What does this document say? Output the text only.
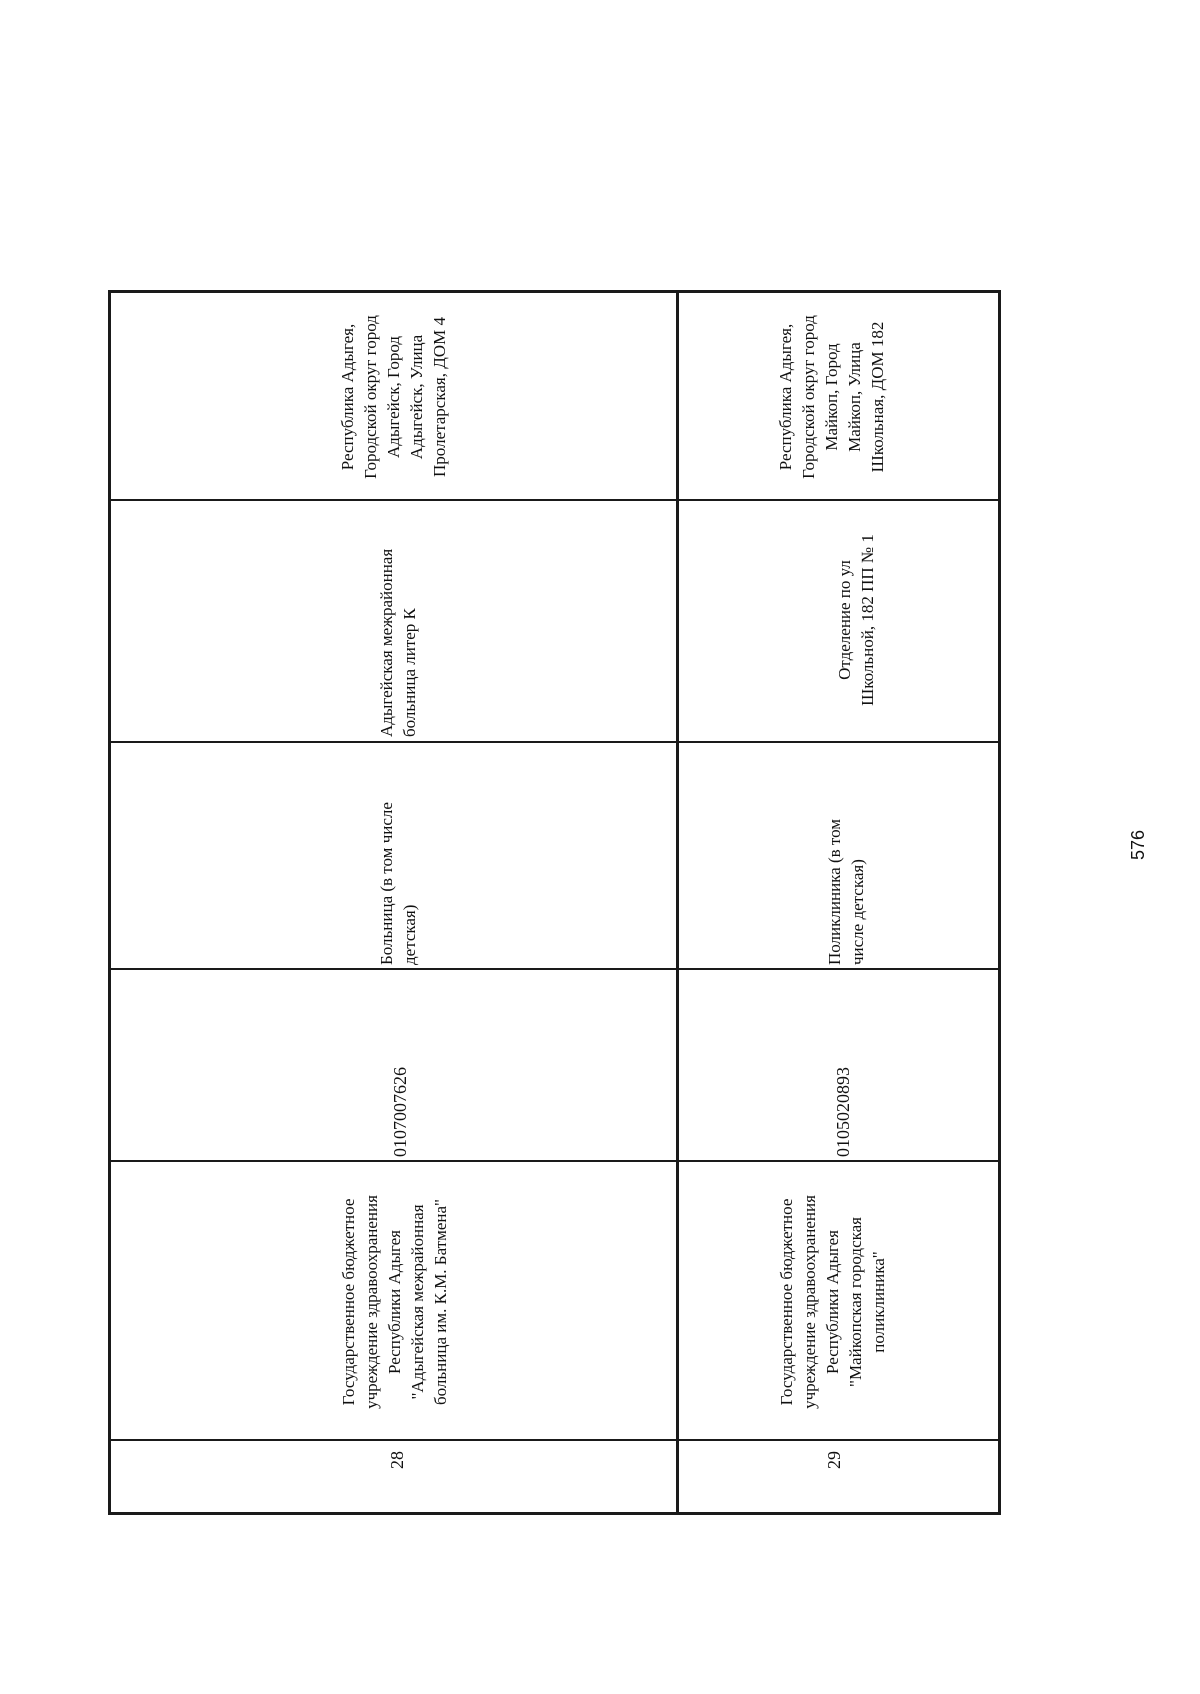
Республика Адыгея,
Городской округ город
Адыгейск, Город
Адыгейск, Улица
Пролетарская, ДОМ 4
Адыгейская межрайонная
больница литер К
Больница (в том числе
детская)
0107007626
Государственное бюджетное
учреждение здравоохранения
Республики Адыгея
"Адыгейская межрайонная
больница им. К.М. Батмена"
28
Республика Адыгея,
Городской округ город
Майкоп, Город
Майкоп, Улица
Школьная, ДОМ 182
Отделение по ул
Школьной, 182 ПП № 1
Поликлиника (в том
числе детская)
0105020893
Государственное бюджетное
учреждение здравоохранения
Республики Адыгея
"Майкопская городская
поликлиника"
29
576
